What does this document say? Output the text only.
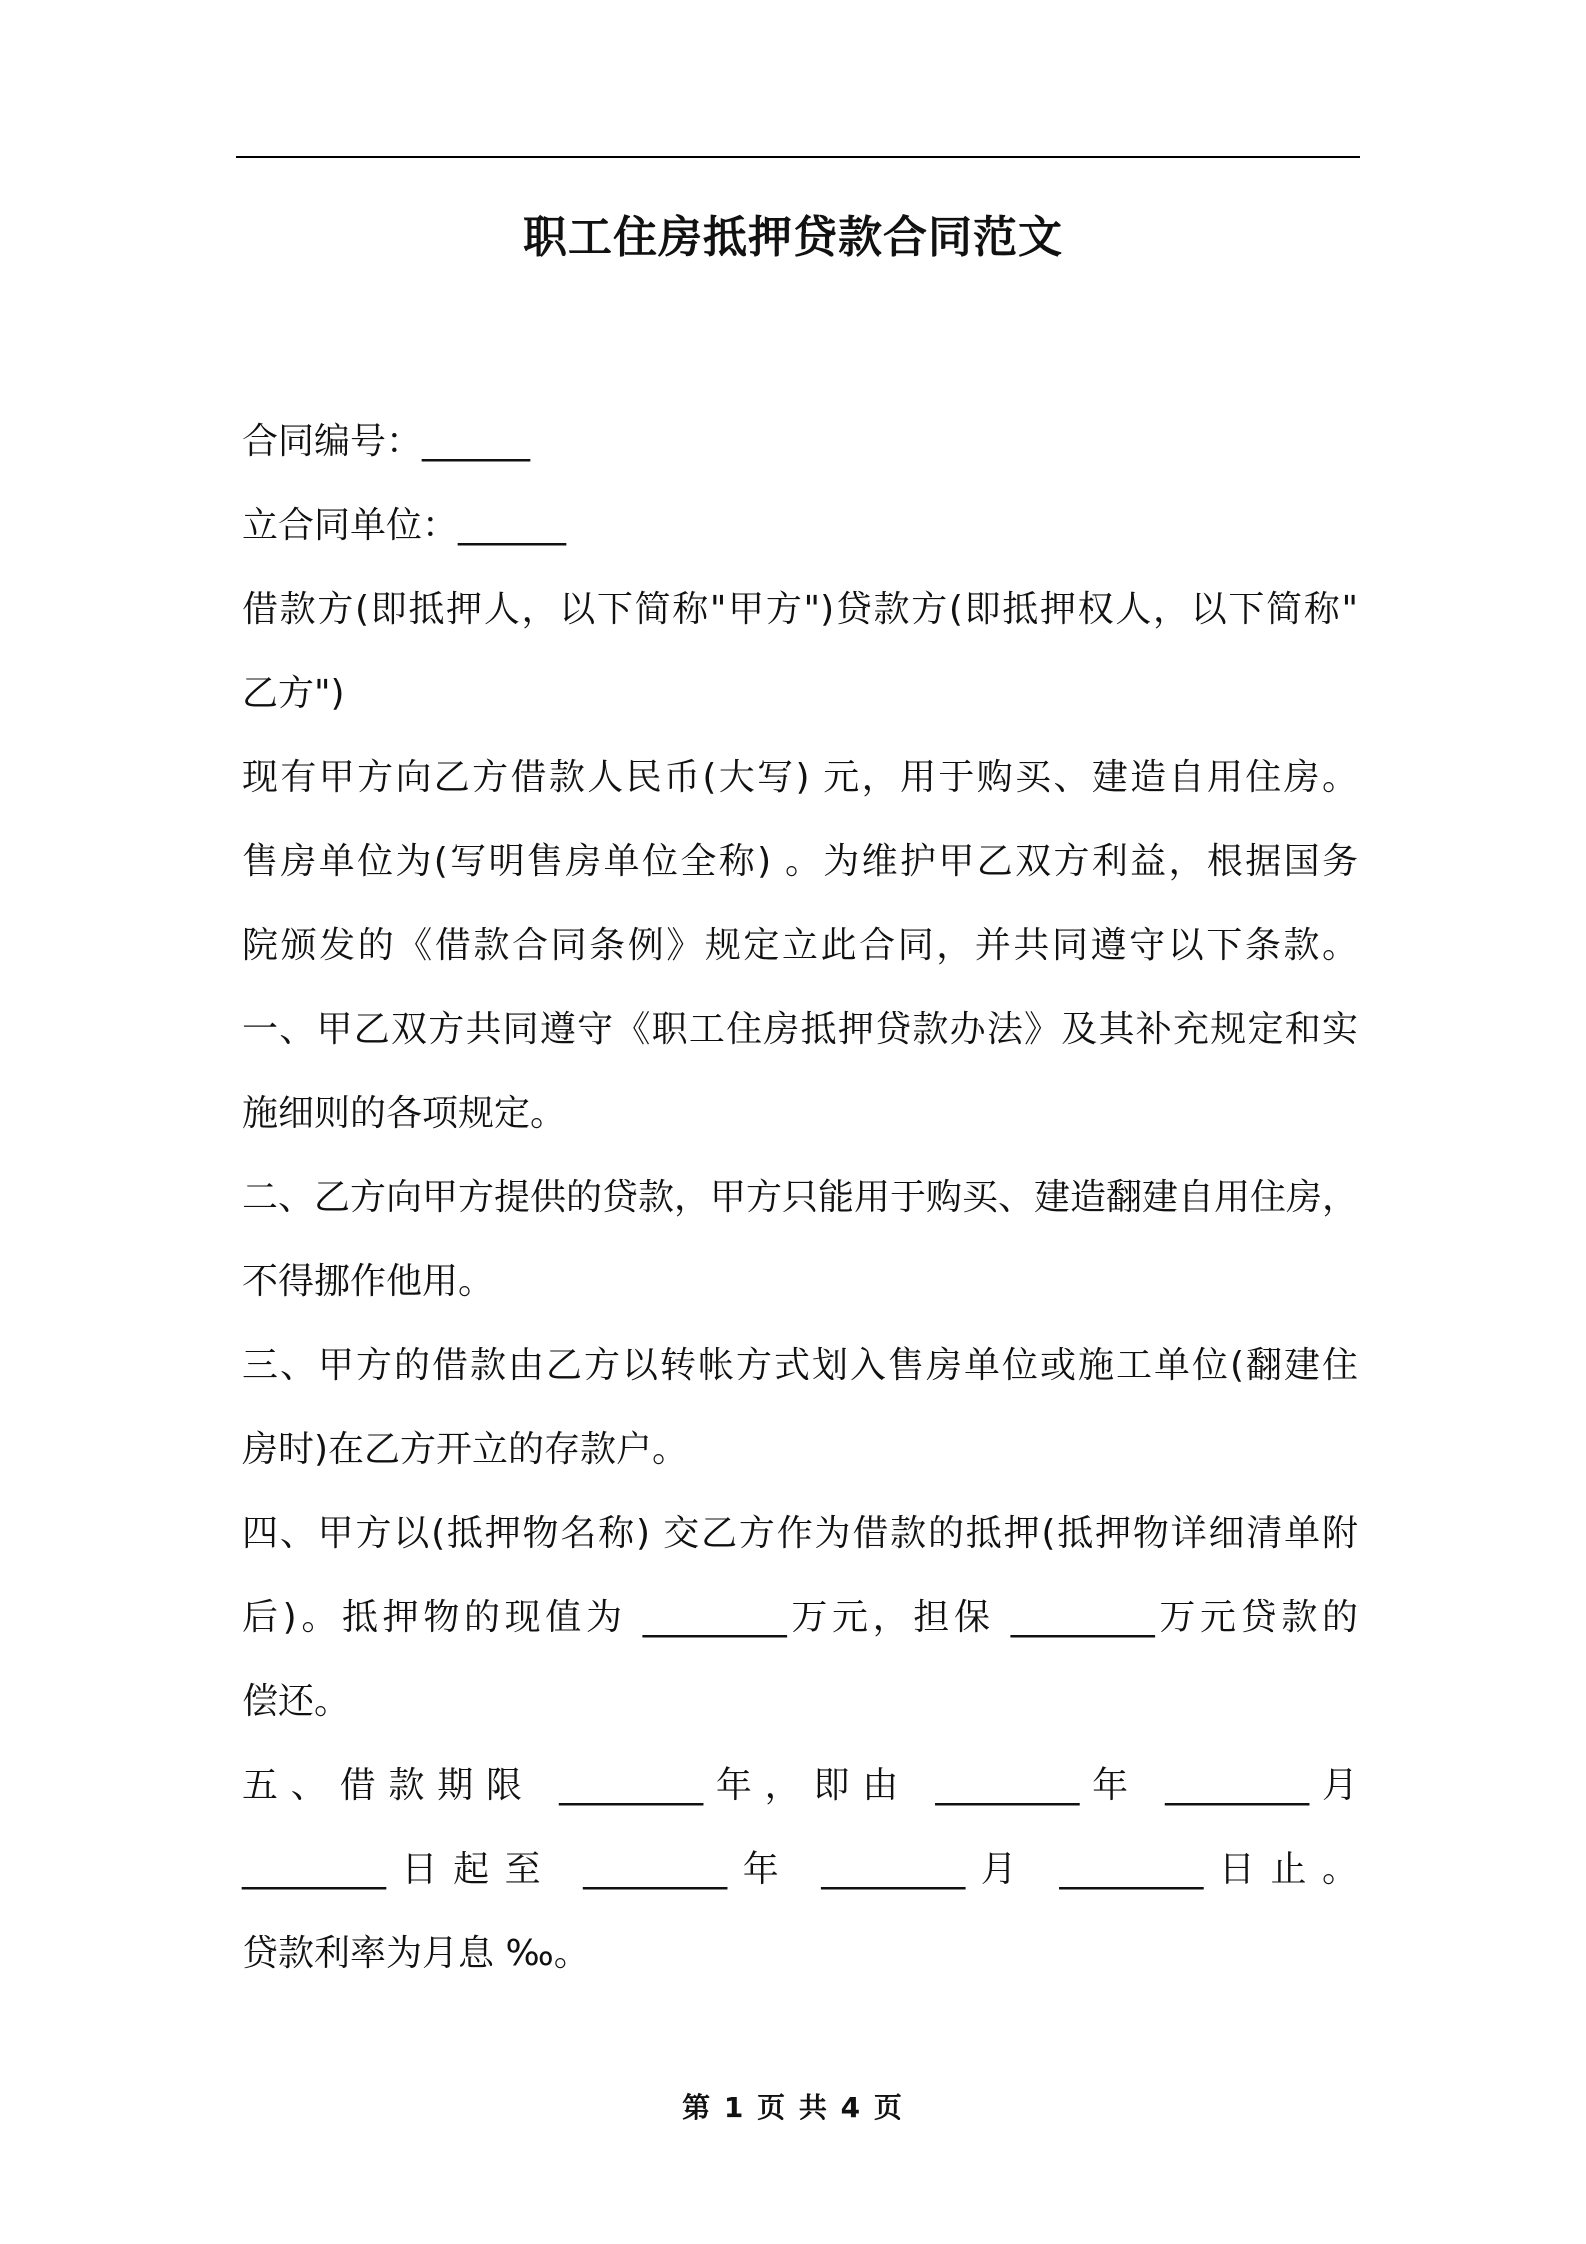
职工住房抵押贷款合同范文
合同编号：______
立合同单位：______
借款方(即抵押人，以下简称"甲方")贷款方(即抵押权人，以下简称"
乙方")
现有甲方向乙方借款人民币(大写) 元，用于购买、建造自用住房。
售房单位为(写明售房单位全称) 。为维护甲乙双方利益，根据国务
院颁发的《借款合同条例》规定立此合同，并共同遵守以下条款。
一、甲乙双方共同遵守《职工住房抵押贷款办法》及其补充规定和实
施细则的各项规定。
二、乙方向甲方提供的贷款，甲方只能用于购买、建造翻建自用住房，
不得挪作他用。
三、甲方的借款由乙方以转帐方式划入售房单位或施工单位(翻建住
房时)在乙方开立的存款户。
四、甲方以(抵押物名称) 交乙方作为借款的抵押(抵押物详细清单附
后)。抵押物的现值为 ________万元，担保 ________万元贷款的
偿还。
五、借款期限 ________年，即由 ________年 ________月
________日起至 ________年 ________月 ________日止。
贷款利率为月息 ‰。
第 1 页 共 4 页
